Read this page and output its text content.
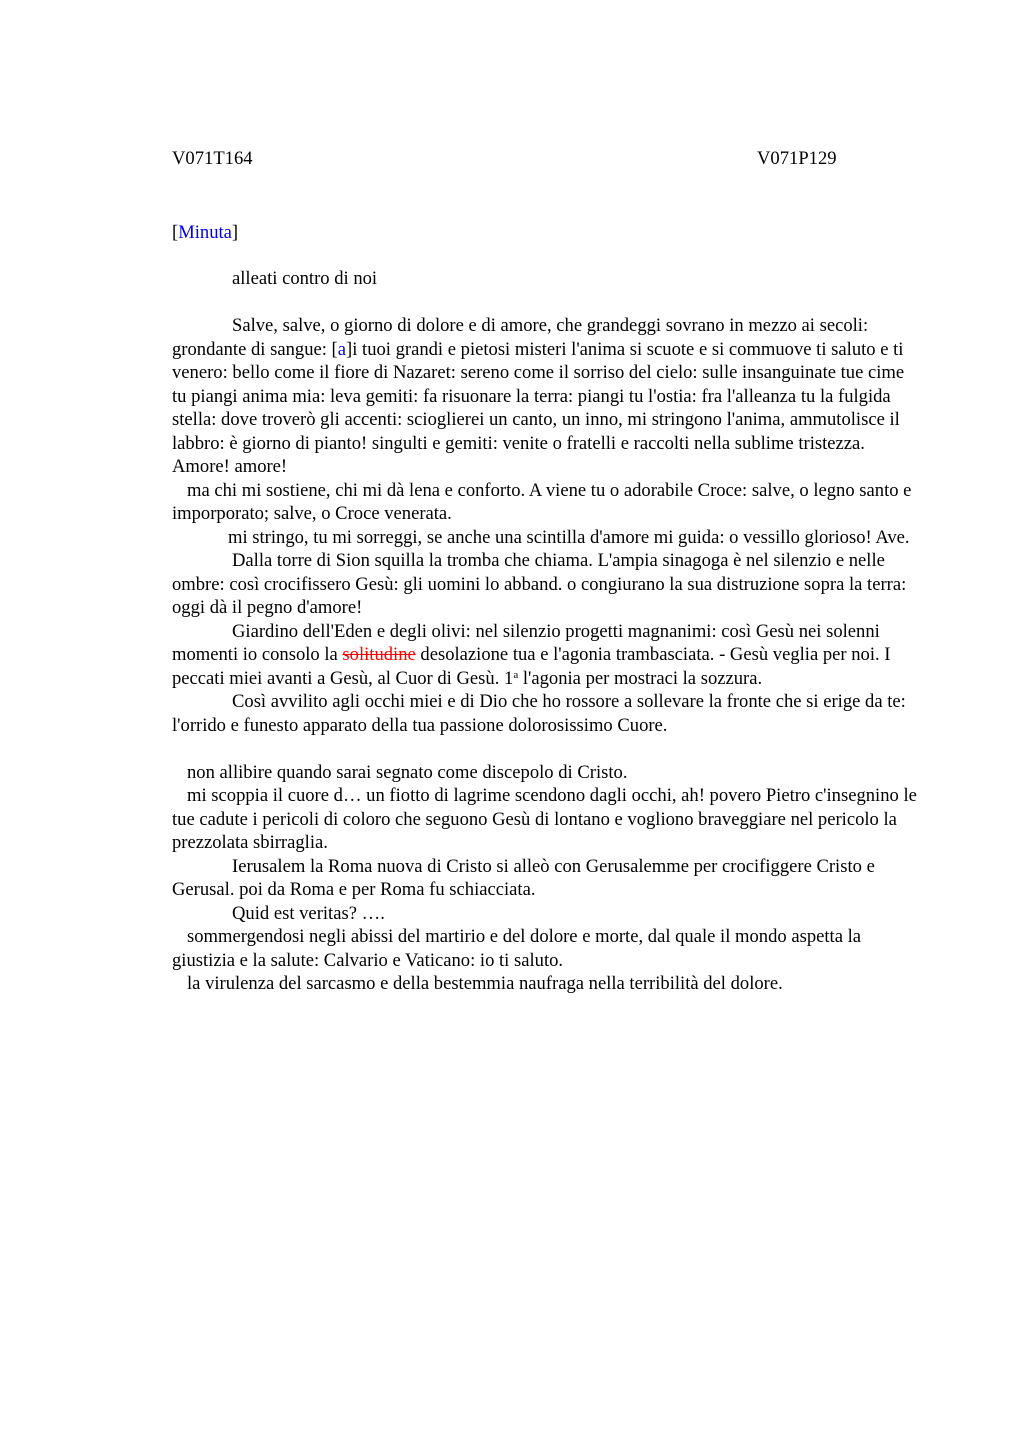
V071T164	V071P129
[Minuta]

alleati contro di noi

Salve, salve, o giorno di dolore e di amore, che grandeggi sovrano in mezzo ai secoli: grondante di sangue: [a]i tuoi grandi e pietosi misteri l'anima si scuote e si commuove ti saluto e ti venero: bello come il fiore di Nazaret: sereno come il sorriso del cielo: sulle insanguinate tue cime tu piangi anima mia: leva gemiti: fa risuonare la terra: piangi tu l'ostia: fra l'alleanza tu la fulgida stella: dove troverò gli accenti: scioglierei un canto, un inno, mi stringono l'anima, ammutolisce il labbro: è giorno di pianto! singulti e gemiti: venite o fratelli e raccolti nella sublime tristezza. Amore! amore!

ma chi mi sostiene, chi mi dà lena e conforto. A viene tu o adorabile Croce: salve, o legno santo e imporporato; salve, o Croce venerata.

mi stringo, tu mi sorreggi, se anche una scintilla d'amore mi guida: o vessillo glorioso! Ave.

Dalla torre di Sion squilla la tromba che chiama. L'ampia sinagoga è nel silenzio e nelle ombre: così crocifissero Gesù: gli uomini lo abband. o congiurano la sua distruzione sopra la terra: oggi dà il pegno d'amore!

Giardino dell'Eden e degli olivi: nel silenzio progetti magnanimi: così Gesù nei solenni momenti io consolo la solitudine desolazione tua e l'agonia trambasciata. - Gesù veglia per noi. I peccati miei avanti a Gesù, al Cuor di Gesù. 1$^a$ l'agonia per mostraci la sozzura.

Così avvilito agli occhi miei e di Dio che ho rossore a sollevare la fronte che si erige da te: l'orrido e funesto apparato della tua passione dolorosissimo Cuore.

non allibire quando sarai segnato come discepolo di Cristo.

mi scoppia il cuore d… un fiotto di lagrime scendono dagli occhi, ah! povero Pietro c'insegnino le tue cadute i pericoli di coloro che seguono Gesù di lontano e vogliono braveggiare nel pericolo la prezzolata sbirraglia.

Ierusalem la Roma nuova di Cristo si alleò con Gerusalemme per crocifiggere Cristo e Gerusal. poi da Roma e per Roma fu schiacciata.

Quid est veritas? ….

sommergendosi negli abissi del martirio e del dolore e morte, dal quale il mondo aspetta la giustizia e la salute: Calvario e Vaticano: io ti saluto.

la virulenza del sarcasmo e della bestemmia naufraga nella terribilità del dolore.
